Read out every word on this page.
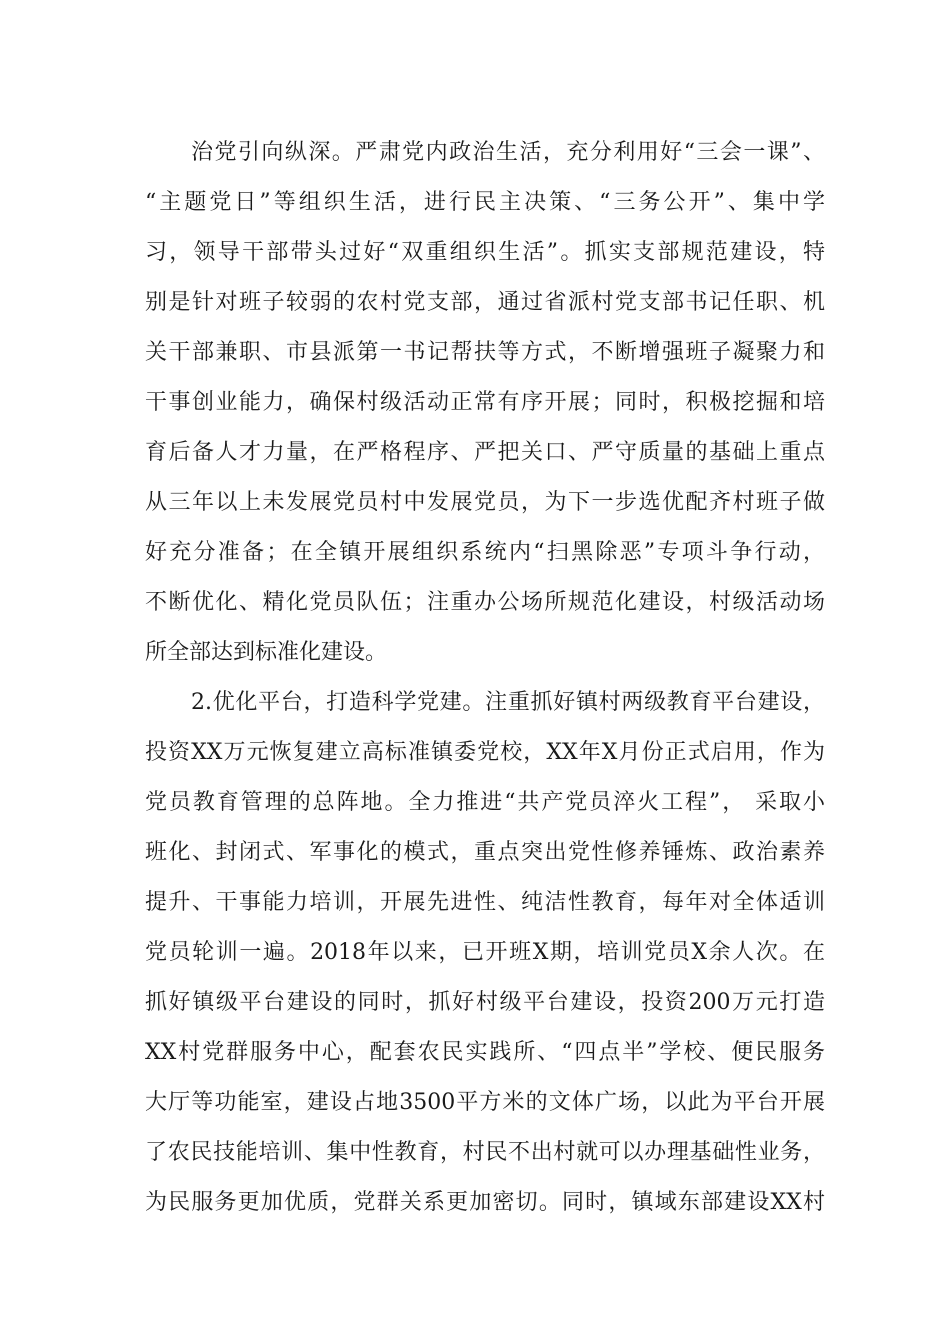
治党引向纵深。严肃党内政治生活，充分利用好“三会一课”、
“主题党日”等组织生活，进行民主决策、“三务公开”、集中学
习，领导干部带头过好“双重组织生活”。抓实支部规范建设，特
别是针对班子较弱的农村党支部，通过省派村党支部书记任职、机
关干部兼职、市县派第一书记帮扶等方式，不断增强班子凝聚力和
干事创业能力，确保村级活动正常有序开展；同时，积极挖掘和培
育后备人才力量，在严格程序、严把关口、严守质量的基础上重点
从三年以上未发展党员村中发展党员，为下一步选优配齐村班子做
好充分准备；在全镇开展组织系统内“扫黑除恶”专项斗争行动，
不断优化、精化党员队伍；注重办公场所规范化建设，村级活动场
所全部达到标准化建设。
2.优化平台，打造科学党建。注重抓好镇村两级教育平台建设，
投资XX万元恢复建立高标准镇委党校，XX年X月份正式启用，作为
党员教育管理的总阵地。全力推进“共产党员淬火工程”， 采取小
班化、封闭式、军事化的模式，重点突出党性修养锤炼、政治素养
提升、干事能力培训，开展先进性、纯洁性教育，每年对全体适训
党员轮训一遍。2018年以来，已开班X期，培训党员X余人次。在
抓好镇级平台建设的同时，抓好村级平台建设，投资200万元打造
XX村党群服务中心，配套农民实践所、“四点半”学校、便民服务
大厅等功能室，建设占地3500平方米的文体广场，以此为平台开展
了农民技能培训、集中性教育，村民不出村就可以办理基础性业务，
为民服务更加优质，党群关系更加密切。同时，镇域东部建设XX村
